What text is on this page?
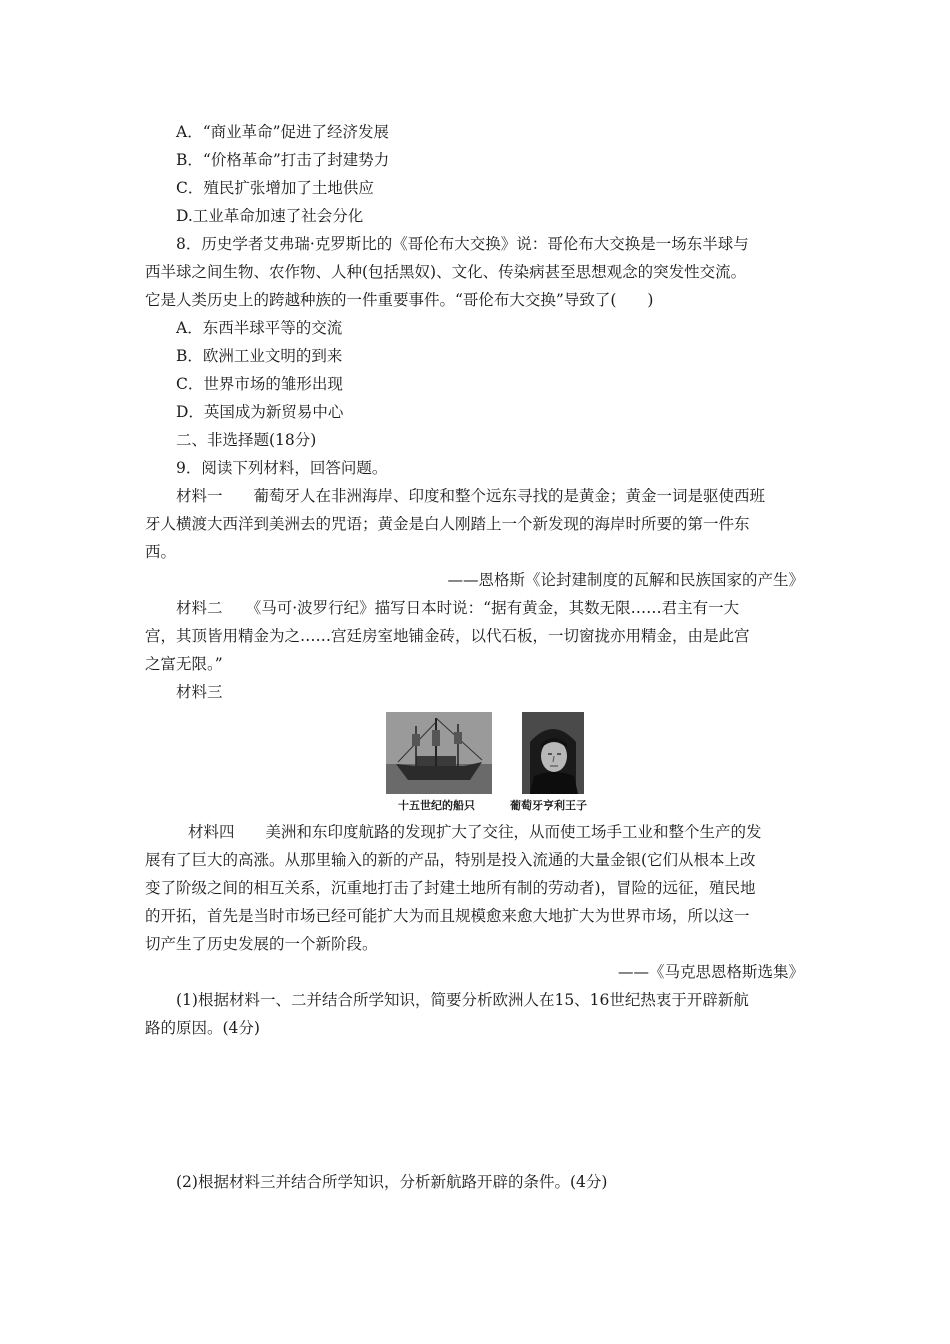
A．“商业革命”促进了经济发展
B．“价格革命”打击了封建势力
C．殖民扩张增加了土地供应
D.工业革命加速了社会分化
8．历史学者艾弗瑞·克罗斯比的《哥伦布大交换》说：哥伦布大交换是一场东半球与
西半球之间生物、农作物、人种(包括黑奴)、文化、传染病甚至思想观念的突发性交流。
它是人类历史上的跨越种族的一件重要事件。“哥伦布大交换”导致了(　　)
A．东西半球平等的交流
B．欧洲工业文明的到来
C．世界市场的雏形出现
D．英国成为新贸易中心
二、非选择题(18分)
9．阅读下列材料，回答问题。
材料一　　葡萄牙人在非洲海岸、印度和整个远东寻找的是黄金；黄金一词是驱使西班
牙人横渡大西洋到美洲去的咒语；黄金是白人刚踏上一个新发现的海岸时所要的第一件东
西。
——恩格斯《论封建制度的瓦解和民族国家的产生》
材料二　　《马可·波罗行纪》描写日本时说：“据有黄金，其数无限……君主有一大
宫，其顶皆用精金为之……宫廷房室地铺金砖，以代石板，一切窗拢亦用精金，由是此宫
之富无限。”
材料三
十五世纪的船只	葡萄牙亨利王子
材料四　　美洲和东印度航路的发现扩大了交往，从而使工场手工业和整个生产的发
展有了巨大的高涨。从那里输入的新的产品，特别是投入流通的大量金银(它们从根本上改
变了阶级之间的相互关系，沉重地打击了封建土地所有制的劳动者)，冒险的远征，殖民地
的开拓，首先是当时市场已经可能扩大为而且规模愈来愈大地扩大为世界市场，所以这一
切产生了历史发展的一个新阶段。
——《马克思恩格斯选集》
(1)根据材料一、二并结合所学知识，简要分析欧洲人在15、16世纪热衷于开辟新航
路的原因。(4分)
(2)根据材料三并结合所学知识，分析新航路开辟的条件。(4分)
